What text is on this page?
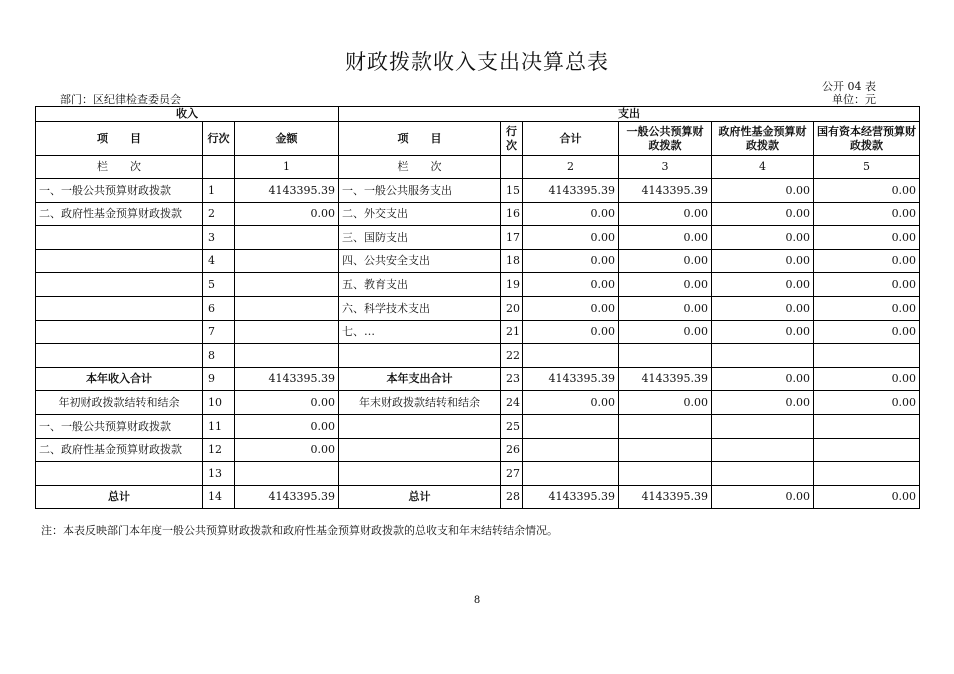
财政拨款收入支出决算总表
公开 04 表
部门：区纪律检查委员会	单位：元
收入			支出					
项　　目	行次	金额	项　　目	行次	合计	一般公共预算财政拨款	政府性基金预算财政拨款	国有资本经营预算财政拨款
栏　　次		1	栏　　次		2	3	4	5
一、一般公共预算财政拨款	1	4143395.39	一、一般公共服务支出	15	4143395.39	4143395.39	0.00	0.00
二、政府性基金预算财政拨款	2	0.00	二、外交支出	16	0.00	0.00	0.00	0.00
	3		三、国防支出	17	0.00	0.00	0.00	0.00
	4		四、公共安全支出	18	0.00	0.00	0.00	0.00
	5		五、教育支出	19	0.00	0.00	0.00	0.00
	6		六、科学技术支出	20	0.00	0.00	0.00	0.00
	7		七、…	21	0.00	0.00	0.00	0.00
	8			22				
本年收入合计	9	4143395.39	本年支出合计	23	4143395.39	4143395.39	0.00	0.00
年初财政拨款结转和结余	10	0.00	年末财政拨款结转和结余	24	0.00	0.00	0.00	0.00
一、一般公共预算财政拨款	11	0.00		25				
二、政府性基金预算财政拨款	12	0.00		26				
	13			27				
总计	14	4143395.39	总计	28	4143395.39	4143395.39	0.00	0.00
注：本表反映部门本年度一般公共预算财政拨款和政府性基金预算财政拨款的总收支和年末结转结余情况。
8
